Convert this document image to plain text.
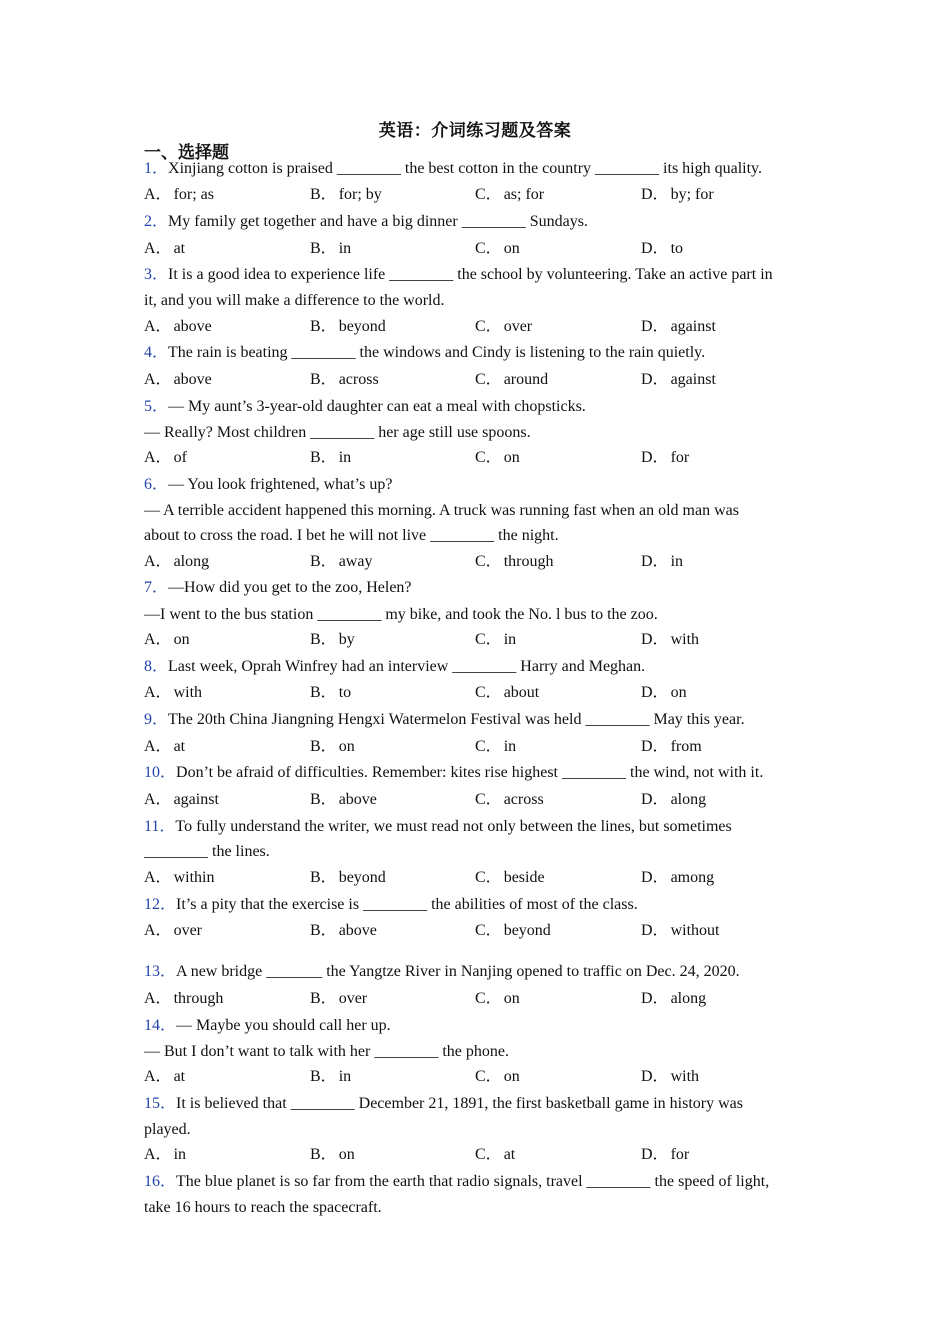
英语：介词练习题及答案
一、选择题
1．Xinjiang cotton is praised ________ the best cotton in the country ________ its high quality.
A． for; as	B． for; by	C． as; for	D． by; for
2．My family get together and have a big dinner ________ Sundays.
A． at	B． in	C． on	D． to
3．It is a good idea to experience life ________ the school by volunteering. Take an active part in
it, and you will make a difference to the world.
A． above	B． beyond	C． over	D． against
4．The rain is beating ________ the windows and Cindy is listening to the rain quietly.
A． above	B． across	C． around	D． against
5．— My aunt’s 3-year-old daughter can eat a meal with chopsticks.
— Really? Most children ________ her age still use spoons.
A． of	B． in	C． on	D． for
6．— You look frightened, what’s up?
— A terrible accident happened this morning. A truck was running fast when an old man was
about to cross the road. I bet he will not live ________ the night.
A． along	B． away	C． through	D． in
7．—How did you get to the zoo, Helen?
—I went to the bus station ________ my bike, and took the No. l bus to the zoo.
A． on	B． by	C． in	D． with
8．Last week, Oprah Winfrey had an interview ________ Harry and Meghan.
A． with	B． to	C． about	D． on
9．The 20th China Jiangning Hengxi Watermelon Festival was held ________ May this year.
A． at	B． on	C． in	D． from
10．Don’t be afraid of difficulties. Remember: kites rise highest ________ the wind, not with it.
A． against	B． above	C． across	D． along
11．To fully understand the writer, we must read not only between the lines, but sometimes
________ the lines.
A． within	B． beyond	C． beside	D． among
12．It’s a pity that the exercise is ________ the abilities of most of the class.
A． over	B． above	C． beyond	D． without
13．A new bridge _______ the Yangtze River in Nanjing opened to traffic on Dec. 24, 2020.
A． through	B． over	C． on	D． along
14．— Maybe you should call her up.
— But I don’t want to talk with her ________ the phone.
A． at	B． in	C． on	D． with
15．It is believed that ________ December 21, 1891, the first basketball game in history was
played.
A． in	B． on	C． at	D． for
16．The blue planet is so far from the earth that radio signals, travel ________ the speed of light,
take 16 hours to reach the spacecraft.
